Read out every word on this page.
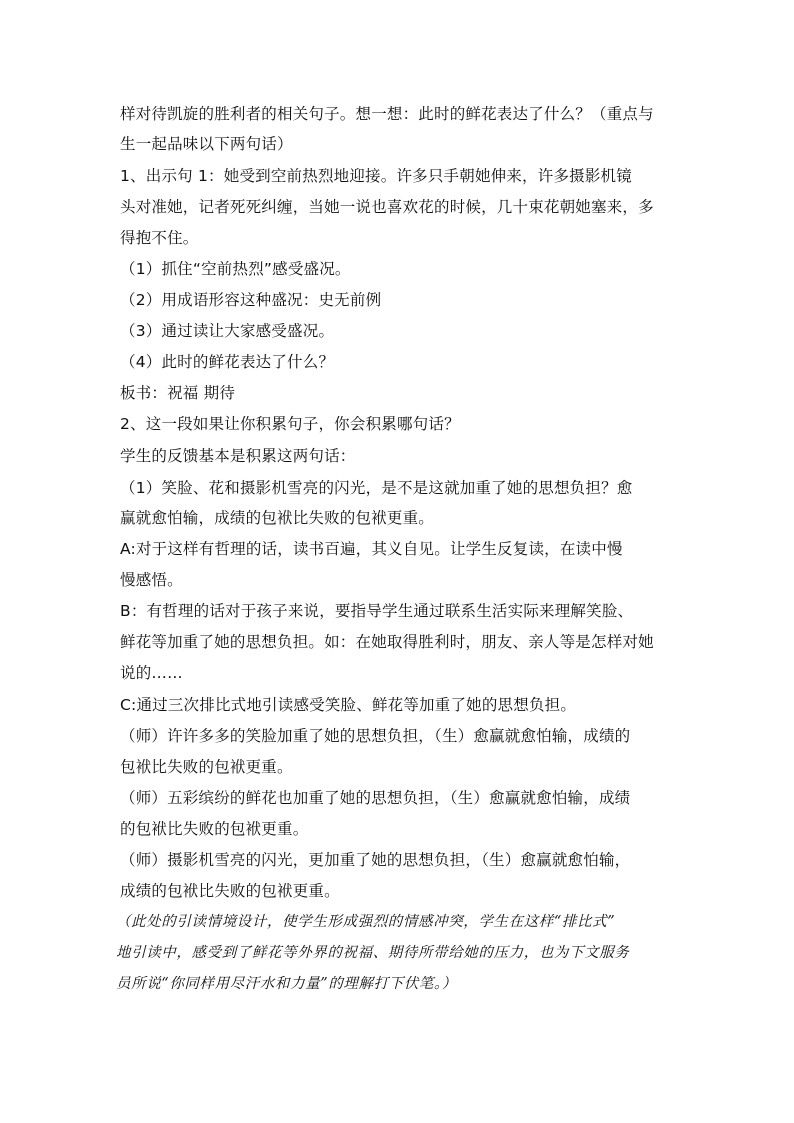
样对待凯旋的胜利者的相关句子。想一想：此时的鲜花表达了什么？（重点与
生一起品味以下两句话）
1、出示句 1：她受到空前热烈地迎接。许多只手朝她伸来，许多摄影机镜
头对准她，记者死死纠缠，当她一说也喜欢花的时候，几十束花朝她塞来，多
得抱不住。
（1）抓住“空前热烈”感受盛况。
（2）用成语形容这种盛况：史无前例
（3）通过读让大家感受盛况。
（4）此时的鲜花表达了什么？
板书：祝福 期待
2、这一段如果让你积累句子，你会积累哪句话？
学生的反馈基本是积累这两句话：
（1）笑脸、花和摄影机雪亮的闪光，是不是这就加重了她的思想负担？愈
赢就愈怕输，成绩的包袱比失败的包袱更重。
A:对于这样有哲理的话，读书百遍，其义自见。让学生反复读，在读中慢
慢感悟。
B：有哲理的话对于孩子来说，要指导学生通过联系生活实际来理解笑脸、
鲜花等加重了她的思想负担。如：在她取得胜利时，朋友、亲人等是怎样对她
说的……
C:通过三次排比式地引读感受笑脸、鲜花等加重了她的思想负担。
（师）许许多多的笑脸加重了她的思想负担，（生）愈赢就愈怕输，成绩的
包袱比失败的包袱更重。
（师）五彩缤纷的鲜花也加重了她的思想负担，（生）愈赢就愈怕输，成绩
的包袱比失败的包袱更重。
（师）摄影机雪亮的闪光，更加重了她的思想负担，（生）愈赢就愈怕输，
成绩的包袱比失败的包袱更重。
（此处的引读情境设计，使学生形成强烈的情感冲突，学生在这样“排比式”
地引读中，感受到了鲜花等外界的祝福、期待所带给她的压力，也为下文服务
员所说“你同样用尽汗水和力量”的理解打下伏笔。）
